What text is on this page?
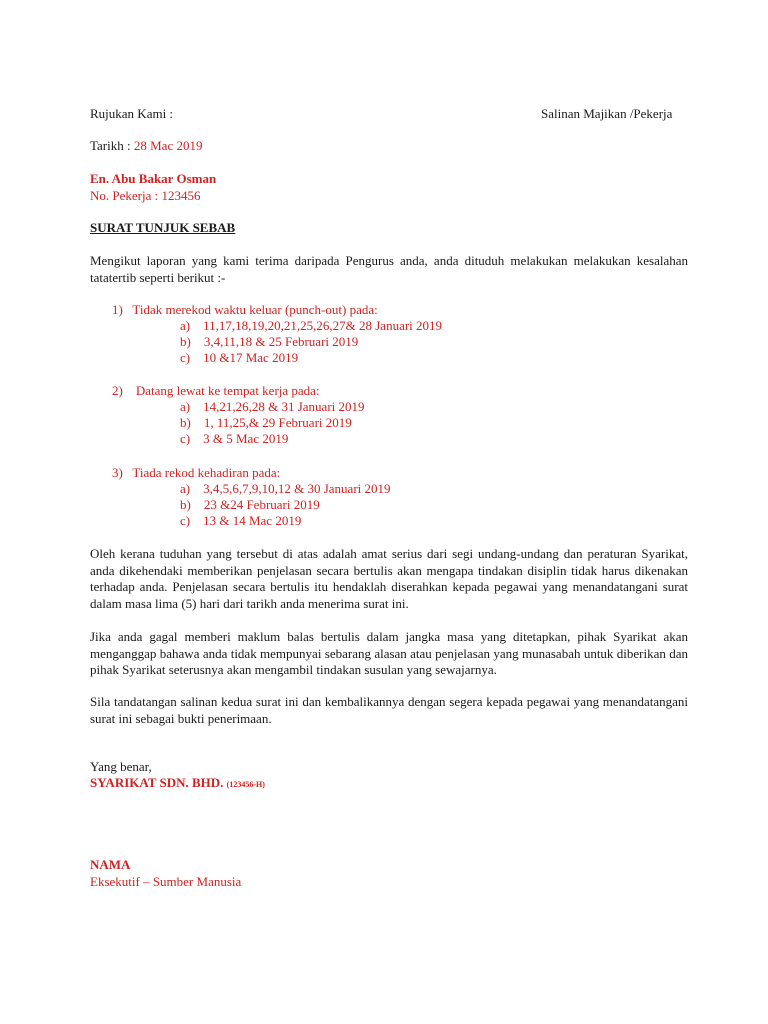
Rujukan Kami :	Salinan Majikan /Pekerja
Tarikh : 28 Mac 2019
En. Abu Bakar Osman
No. Pekerja : 123456
SURAT TUNJUK SEBAB
Mengikut laporan yang kami terima daripada Pengurus anda, anda dituduh melakukan melakukan kesalahan tatatertib seperti berikut :-
1) Tidak merekod waktu keluar (punch-out) pada:
a) 11,17,18,19,20,21,25,26,27& 28 Januari 2019
b) 3,4,11,18 & 25 Februari 2019
c) 10 &17 Mac 2019
2) Datang lewat ke tempat kerja pada:
a) 14,21,26,28 & 31 Januari 2019
b) 1, 11,25,& 29 Februari 2019
c) 3 & 5 Mac 2019
3) Tiada rekod kehadiran pada:
a) 3,4,5,6,7,9,10,12 & 30 Januari 2019
b) 23 &24 Februari 2019
c) 13 & 14 Mac 2019
Oleh kerana tuduhan yang tersebut di atas adalah amat serius dari segi undang-undang dan peraturan Syarikat, anda dikehendaki memberikan penjelasan secara bertulis akan mengapa tindakan disiplin tidak harus dikenakan terhadap anda. Penjelasan secara bertulis itu hendaklah diserahkan kepada pegawai yang menandatangani surat dalam masa lima (5) hari dari tarikh anda menerima surat ini.
Jika anda gagal memberi maklum balas bertulis dalam jangka masa yang ditetapkan, pihak Syarikat akan menganggap bahawa anda tidak mempunyai sebarang alasan atau penjelasan yang munasabah untuk diberikan dan pihak Syarikat seterusnya akan mengambil tindakan susulan yang sewajarnya.
Sila tandatangan salinan kedua surat ini dan kembalikannya dengan segera kepada pegawai yang menandatangani surat ini sebagai bukti penerimaan.
Yang benar,
SYARIKAT SDN. BHD. (123456-H)
NAMA
Eksekutif – Sumber Manusia
